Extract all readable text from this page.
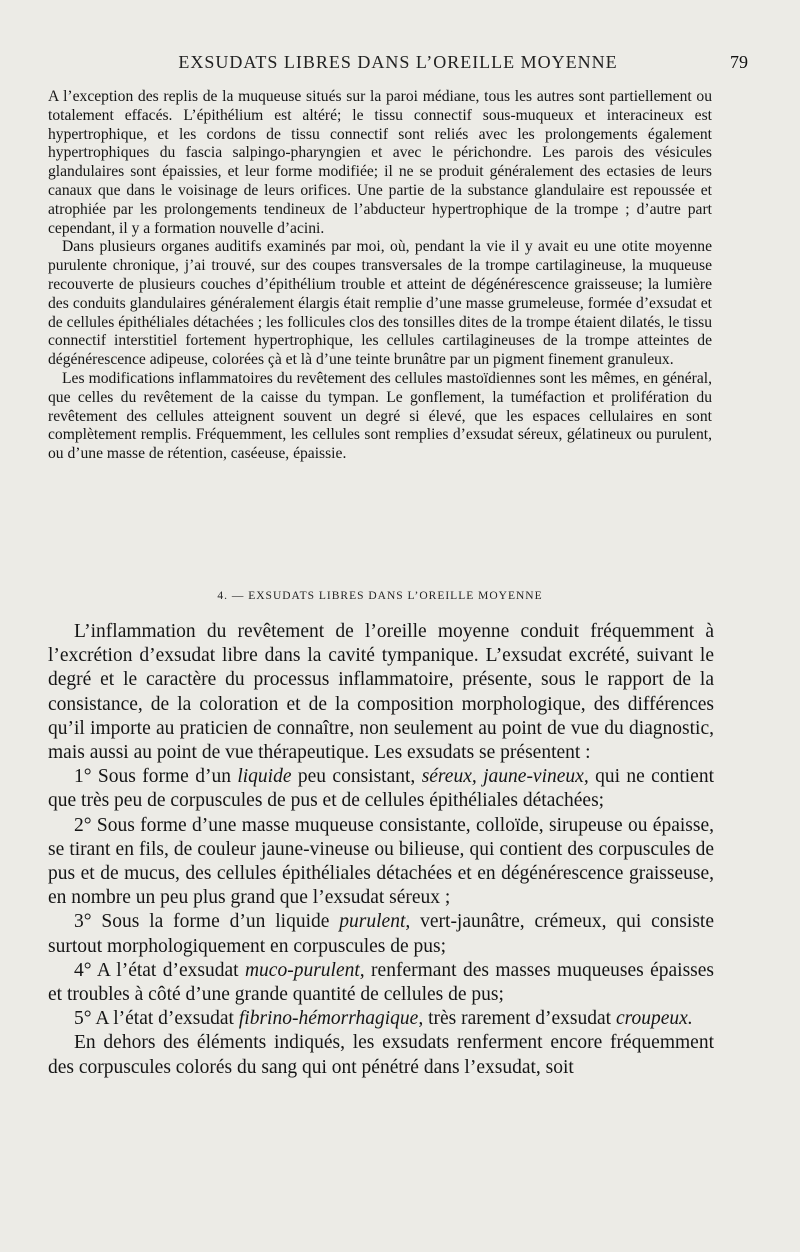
EXSUDATS LIBRES DANS L’OREILLE MOYENNE	79

A l’exception des replis de la muqueuse situés sur la paroi médiane, tous les autres sont partiellement ou totalement effacés. L’épithélium est altéré; le tissu connectif sous-muqueux et interacineux est hypertrophique, et les cordons de tissu connectif sont reliés avec les prolongements également hypertrophiques du fascia salpingo-pharyngien et avec le périchondre. Les parois des vésicules glandulaires sont épaissies, et leur forme modifiée; il ne se produit généralement des ectasies de leurs canaux que dans le voisinage de leurs orifices. Une partie de la substance glandulaire est repoussée et atrophiée par les prolongements tendineux de l’abducteur hypertrophique de la trompe ; d’autre part cependant, il y a formation nouvelle d’acini.

Dans plusieurs organes auditifs examinés par moi, où, pendant la vie il y avait eu une otite moyenne purulente chronique, j’ai trouvé, sur des coupes transversales de la trompe cartilagineuse, la muqueuse recouverte de plusieurs couches d’épithélium trouble et atteint de dégénérescence graisseuse; la lumière des conduits glandulaires généralement élargis était remplie d’une masse grumeleuse, formée d’exsudat et de cellules épithéliales détachées ; les follicules clos des tonsilles dites de la trompe étaient dilatés, le tissu connectif interstitiel fortement hypertrophique, les cellules cartilagineuses de la trompe atteintes de dégénérescence adipeuse, colorées çà et là d’une teinte brunâtre par un pigment finement granuleux.

Les modifications inflammatoires du revêtement des cellules mastoïdiennes sont les mêmes, en général, que celles du revêtement de la caisse du tympan. Le gonflement, la tuméfaction et prolifération du revêtement des cellules atteignent souvent un degré si élevé, que les espaces cellulaires en sont complètement remplis. Fréquemment, les cellules sont remplies d’exsudat séreux, gélatineux ou purulent, ou d’une masse de rétention, caséeuse, épaissie.

4. — EXSUDATS LIBRES DANS L’OREILLE MOYENNE

L’inflammation du revêtement de l’oreille moyenne conduit fréquemment à l’excrétion d’exsudat libre dans la cavité tympanique. L’exsudat excrété, suivant le degré et le caractère du processus inflammatoire, présente, sous le rapport de la consistance, de la coloration et de la composition morphologique, des différences qu’il importe au praticien de connaître, non seulement au point de vue du diagnostic, mais aussi au point de vue thérapeutique. Les exsudats se présentent :

1° Sous forme d’un liquide peu consistant, séreux, jaune-vineux, qui ne contient que très peu de corpuscules de pus et de cellules épithéliales détachées;

2° Sous forme d’une masse muqueuse consistante, colloïde, sirupeuse ou épaisse, se tirant en fils, de couleur jaune-vineuse ou bilieuse, qui contient des corpuscules de pus et de mucus, des cellules épithéliales détachées et en dégénérescence graisseuse, en nombre un peu plus grand que l’exsudat séreux ;

3° Sous la forme d’un liquide purulent, vert-jaunâtre, crémeux, qui consiste surtout morphologiquement en corpuscules de pus;

4° A l’état d’exsudat muco-purulent, renfermant des masses muqueuses épaisses et troubles à côté d’une grande quantité de cellules de pus;

5° A l’état d’exsudat fibrino-hémorrhagique, très rarement d’exsudat croupeux.

En dehors des éléments indiqués, les exsudats renferment encore fréquemment des corpuscules colorés du sang qui ont pénétré dans l’exsudat, soit
